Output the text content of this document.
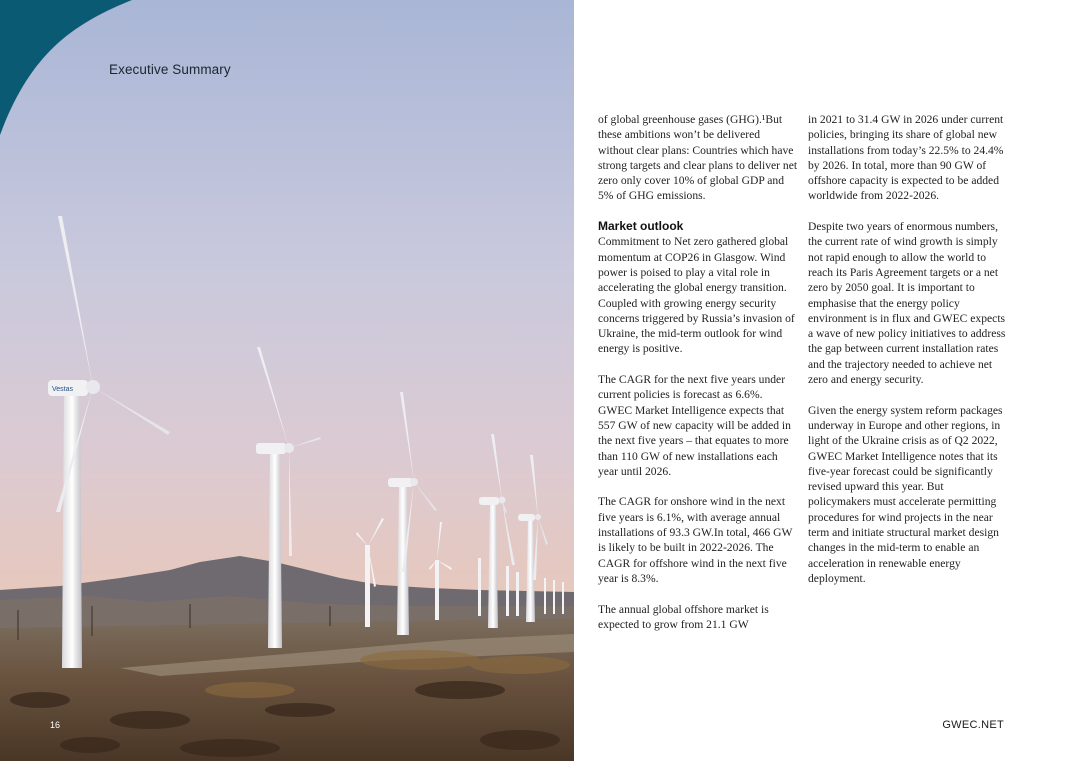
Vestas
Executive Summary
16

of global greenhouse gases (GHG).¹But these ambitions won’t be delivered without clear plans: Countries which have strong targets and clear plans to deliver net zero only cover 10% of global GDP and 5% of GHG emissions.

Market outlook
Commitment to Net zero gathered global momentum at COP26 in Glasgow. Wind power is poised to play a vital role in accelerating the global energy transition. Coupled with growing energy security concerns triggered by Russia’s invasion of Ukraine, the mid-term outlook for wind energy is positive.

The CAGR for the next five years under current policies is forecast as 6.6%. GWEC Market Intelligence expects that 557 GW of new capacity will be added in the next five years – that equates to more than 110 GW of new installations each year until 2026.

The CAGR for onshore wind in the next five years is 6.1%, with average annual installations of 93.3 GW.In total, 466 GW is likely to be built in 2022-2026. The CAGR for offshore wind in the next five year is 8.3%.

The annual global offshore market is expected to grow from 21.1 GW

in 2021 to 31.4 GW in 2026 under current policies, bringing its share of global new installations from today’s 22.5% to 24.4% by 2026. In total, more than 90 GW of offshore capacity is expected to be added worldwide from 2022-2026.

Despite two years of enormous numbers, the current rate of wind growth is simply not rapid enough to allow the world to reach its Paris Agreement targets or a net zero by 2050 goal. It is important to emphasise that the energy policy environment is in flux and GWEC expects a wave of new policy initiatives to address the gap between current installation rates and the trajectory needed to achieve net zero and energy security.

Given the energy system reform packages underway in Europe and other regions, in light of the Ukraine crisis as of Q2 2022, GWEC Market Intelligence notes that its five-year forecast could be significantly revised upward this year. But policymakers must accelerate permitting procedures for wind projects in the near term and initiate structural market design changes in the mid-term to enable an acceleration in renewable energy deployment.

GWEC.NET
